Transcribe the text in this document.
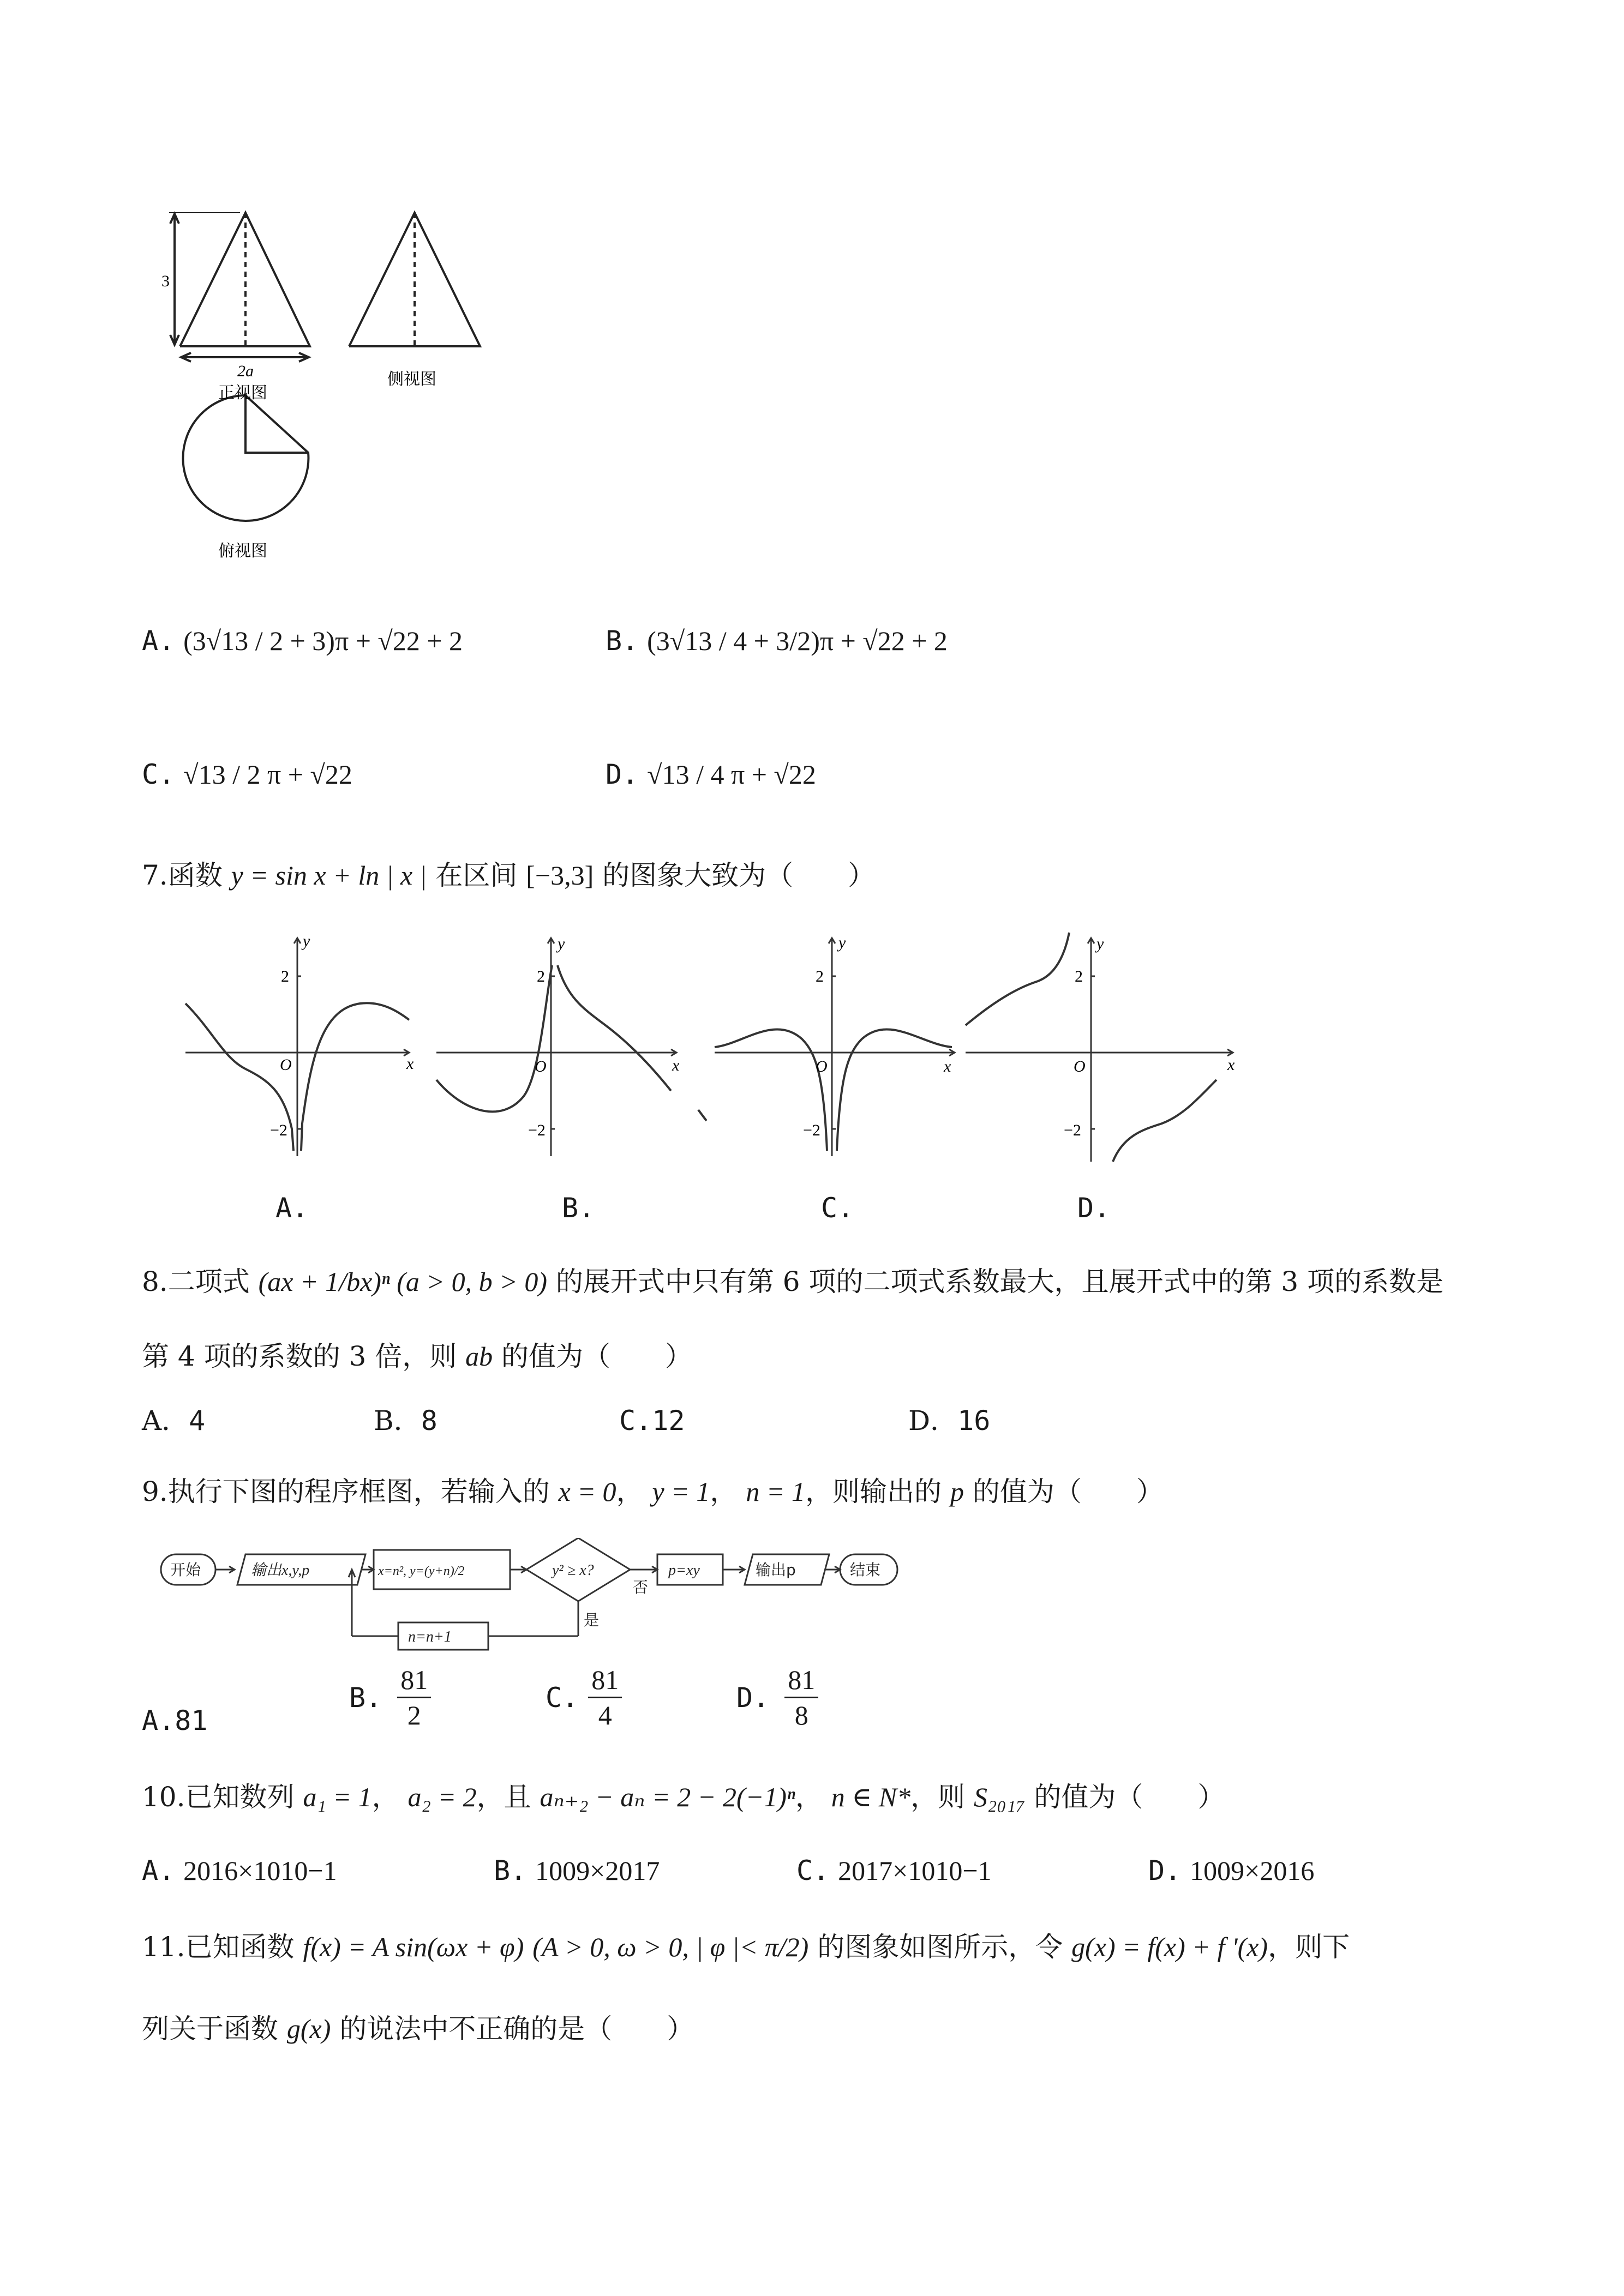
3
2a
正视图
侧视图
俯视图
A. (3√13 / 2 + 3)π + √22 + 2	B. (3√13 / 4 + 3/2)π + √22 + 2
C. √13 / 2 π + √22	D. √13 / 4 π + √22
7.函数 y = sin x + ln | x | 在区间 [−3,3] 的图象大致为（　　）
y
x
O
2
−2
y
x
O
2
−2
y
x
O
2
−2
y
x
O
2
−2
A.	B.	C.	D.
8.二项式 (ax + 1/bx)ⁿ (a > 0, b > 0) 的展开式中只有第 6 项的二项式系数最大，且展开式中的第 3 项的系数是
第 4 项的系数的 3 倍，则 ab 的值为（　　）
A．4	B．8	C.12	D．16
9.执行下图的程序框图，若输入的 x = 0， y = 1， n = 1，则输出的 p 的值为（　　）
开始	输出x,y,p	x=n², y=(y+n)/2	y² ≥ x?
否
是
p=xy	输出p	结束
n=n+1
A. 81
B. $\frac{81}{2}$	C. $\frac{81}{4}$	D. $\frac{81}{8}$
10.已知数列 a₁ = 1， a₂ = 2，且 aₙ₊₂ − aₙ = 2 − 2(−1)ⁿ， n ∈ N*，则 S₂₀₁₇ 的值为（　　）
A. 2016×1010−1	B. 1009×2017	C. 2017×1010−1	D. 1009×2016
11.已知函数 f(x) = A sin(ωx + φ) (A > 0, ω > 0, | φ |< π/2) 的图象如图所示，令 g(x) = f(x) + f '(x)，则下
列关于函数 g(x) 的说法中不正确的是（　　）
